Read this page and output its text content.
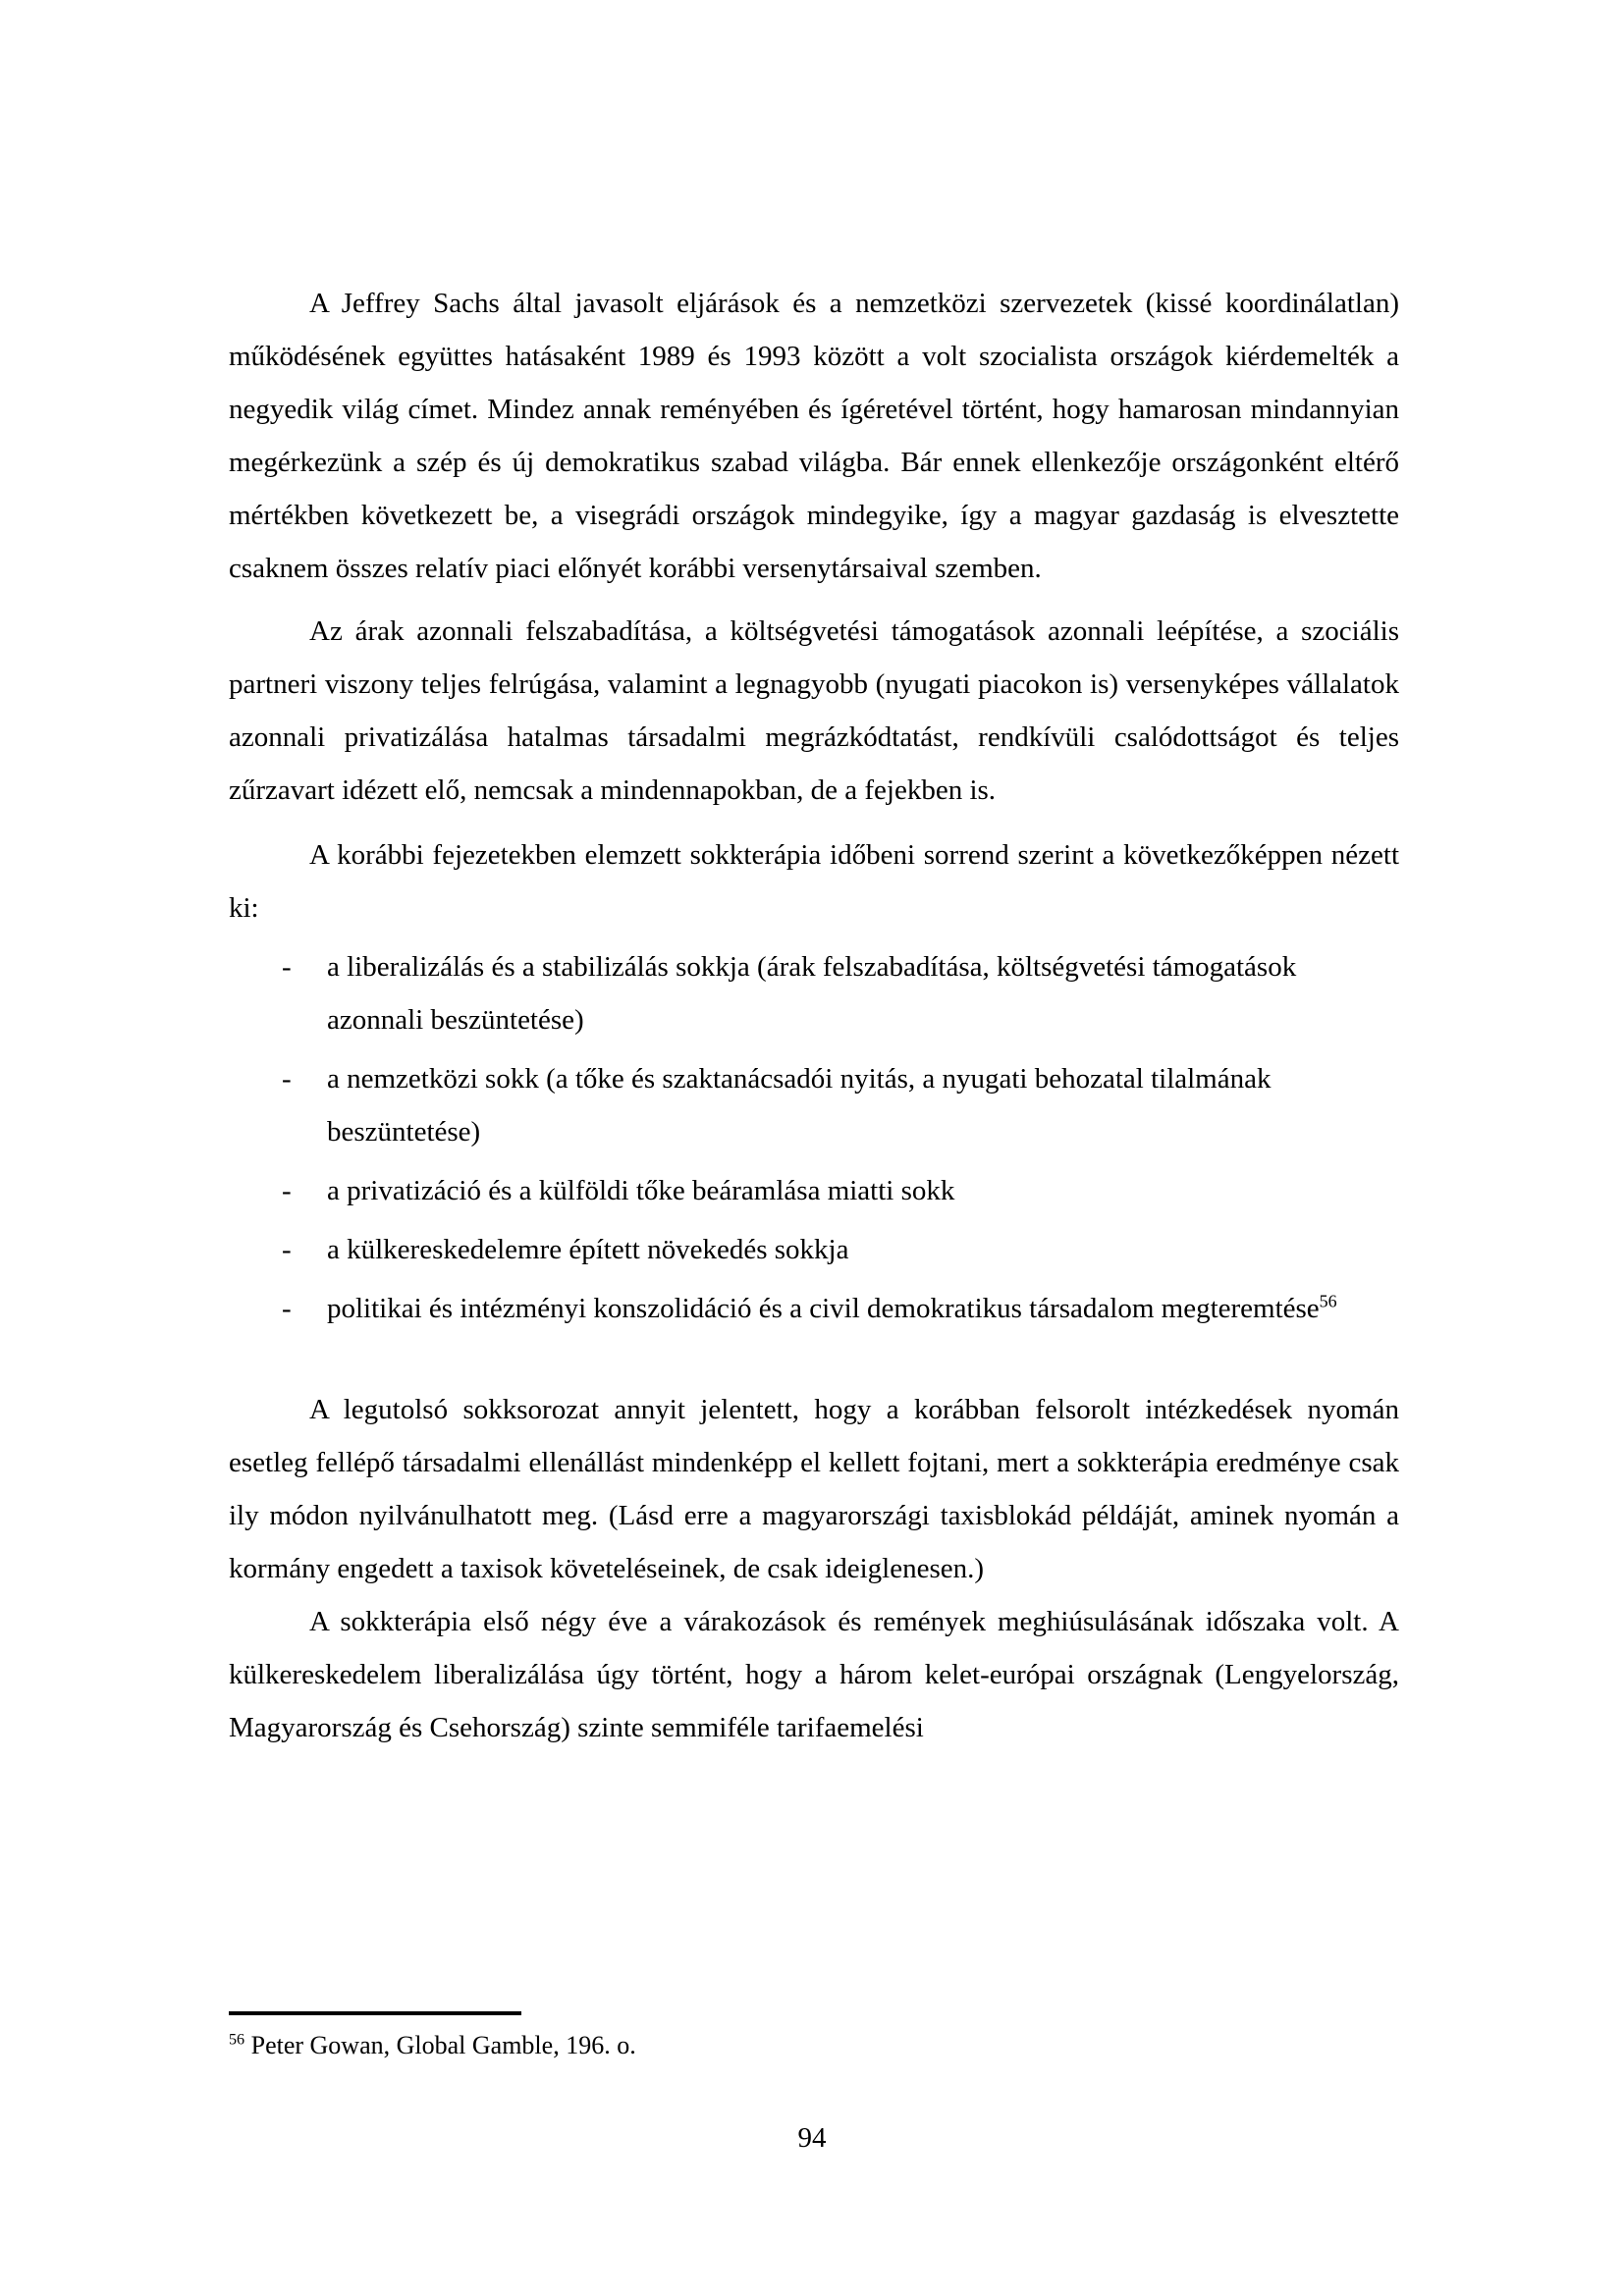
A Jeffrey Sachs által javasolt eljárások és a nemzetközi szervezetek (kissé koordinálatlan) működésének együttes hatásaként 1989 és 1993 között a volt szocialista országok kiérdemelték a negyedik világ címet. Mindez annak reményében és ígéretével történt, hogy hamarosan mindannyian megérkezünk a szép és új demokratikus szabad világba. Bár ennek ellenkezője országonként eltérő mértékben következett be, a visegrádi országok mindegyike, így a magyar gazdaság is elvesztette csaknem összes relatív piaci előnyét korábbi versenytársaival szemben.

Az árak azonnali felszabadítása, a költségvetési támogatások azonnali leépítése, a szociális partneri viszony teljes felrúgása, valamint a legnagyobb (nyugati piacokon is) versenyképes vállalatok azonnali privatizálása hatalmas társadalmi megrázkódtatást, rendkívüli csalódottságot és teljes zűrzavart idézett elő, nemcsak a mindennapokban, de a fejekben is.

A korábbi fejezetekben elemzett sokkterápia időbeni sorrend szerint a következőképpen nézett ki:

- a liberalizálás és a stabilizálás sokkja (árak felszabadítása, költségvetési támogatások azonnali beszüntetése)
- a nemzetközi sokk (a tőke és szaktanácsadói nyitás, a nyugati behozatal tilalmának beszüntetése)
- a privatizáció és a külföldi tőke beáramlása miatti sokk
- a külkereskedelemre épített növekedés sokkja
- politikai és intézményi konszolidáció és a civil demokratikus társadalom megteremtése$^{56}$

A legutolsó sokksorozat annyit jelentett, hogy a korábban felsorolt intézkedések nyomán esetleg fellépő társadalmi ellenállást mindenképp el kellett fojtani, mert a sokkterápia eredménye csak ily módon nyilvánulhatott meg. (Lásd erre a magyarországi taxisblokád példáját, aminek nyomán a kormány engedett a taxisok követeléseinek, de csak ideiglenesen.)

A sokkterápia első négy éve a várakozások és remények meghiúsulásának időszaka volt. A külkereskedelem liberalizálása úgy történt, hogy a három kelet-európai országnak (Lengyelország, Magyarország és Csehország) szinte semmiféle tarifaemelési

$^{56}$ Peter Gowan, Global Gamble, 196. o.
94
